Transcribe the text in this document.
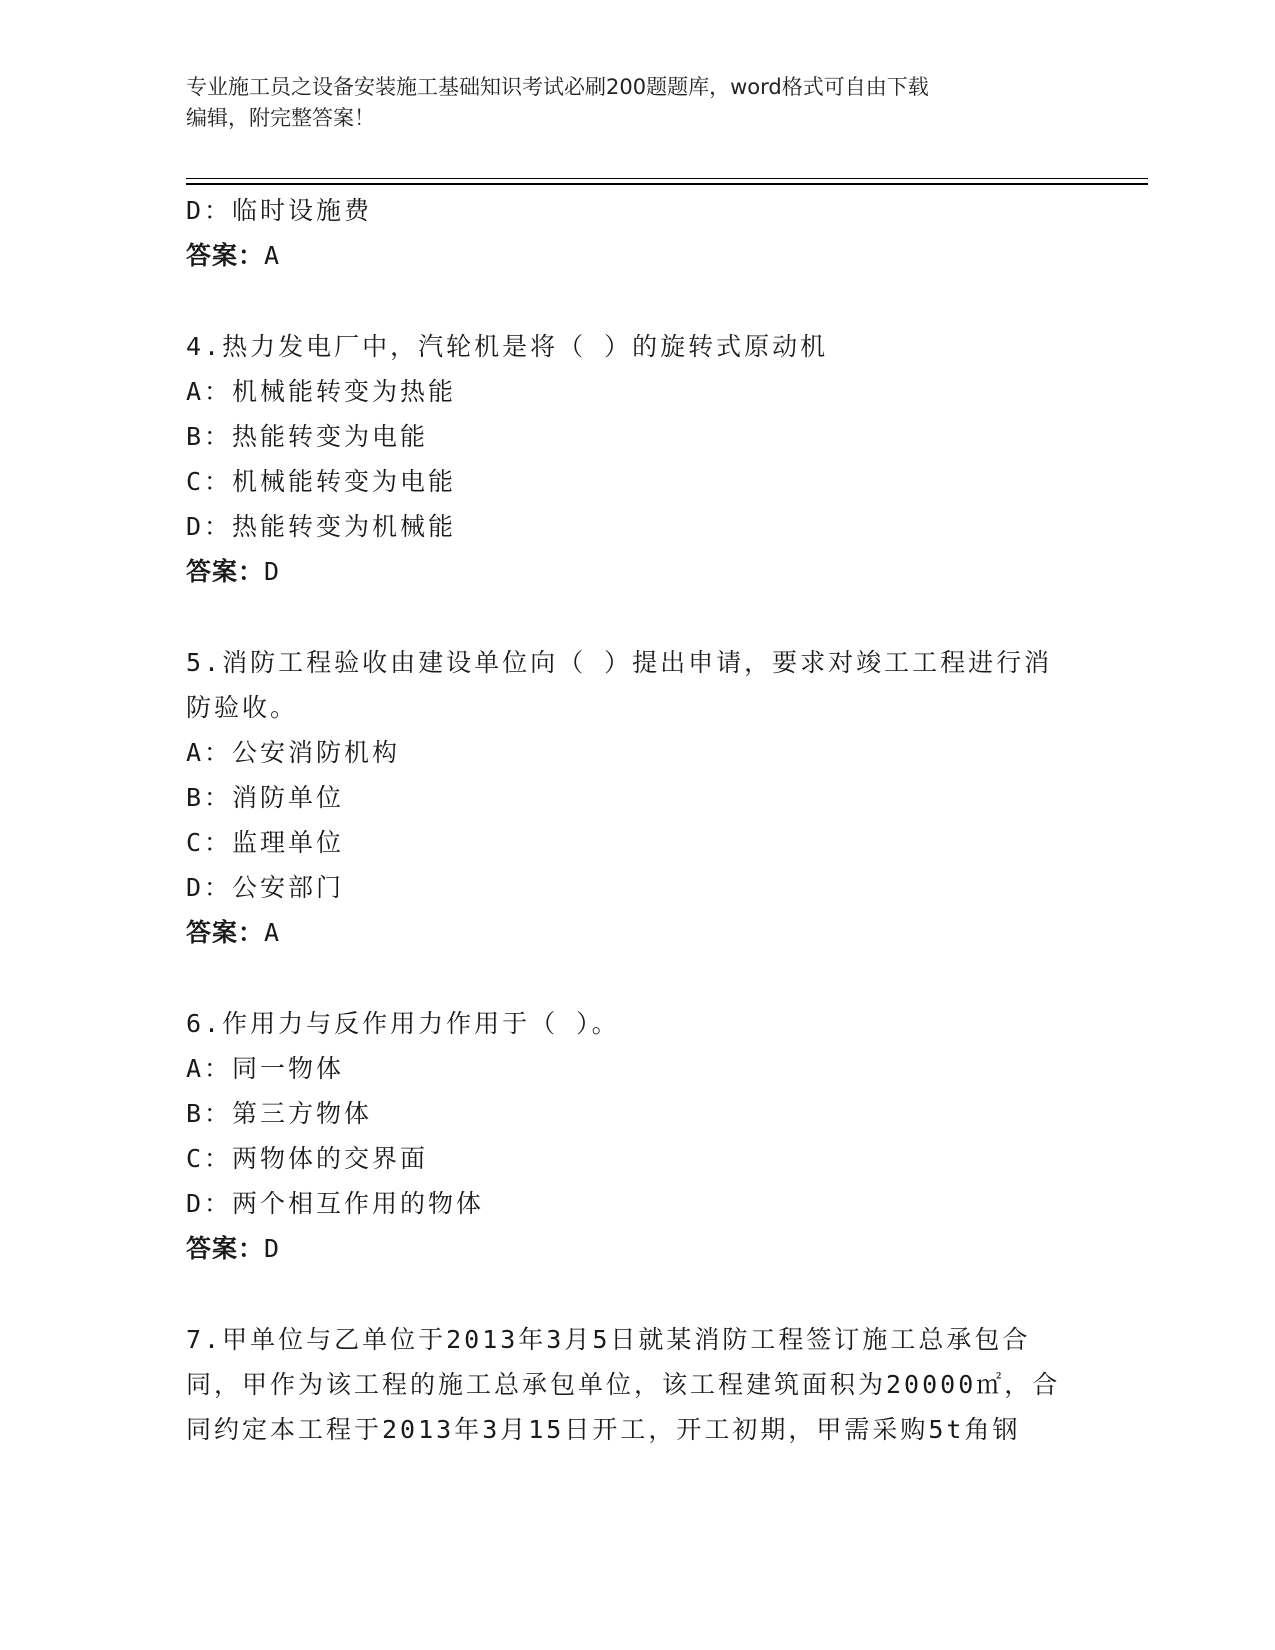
专业施工员之设备安装施工基础知识考试必刷200题题库，word格式可自由下载
编辑，附完整答案！
D：临时设施费
答案：A
4.热力发电厂中，汽轮机是将（ ）的旋转式原动机
A：机械能转变为热能
B：热能转变为电能
C：机械能转变为电能
D：热能转变为机械能
答案：D
5.消防工程验收由建设单位向（ ）提出申请，要求对竣工工程进行消
防验收。
A：公安消防机构
B：消防单位
C：监理单位
D：公安部门
答案：A
6.作用力与反作用力作用于（ ）。
A：同一物体
B：第三方物体
C：两物体的交界面
D：两个相互作用的物体
答案：D
7.甲单位与乙单位于2013年3月5日就某消防工程签订施工总承包合
同，甲作为该工程的施工总承包单位，该工程建筑面积为20000㎡，合
同约定本工程于2013年3月15日开工，开工初期，甲需采购5t角钢
